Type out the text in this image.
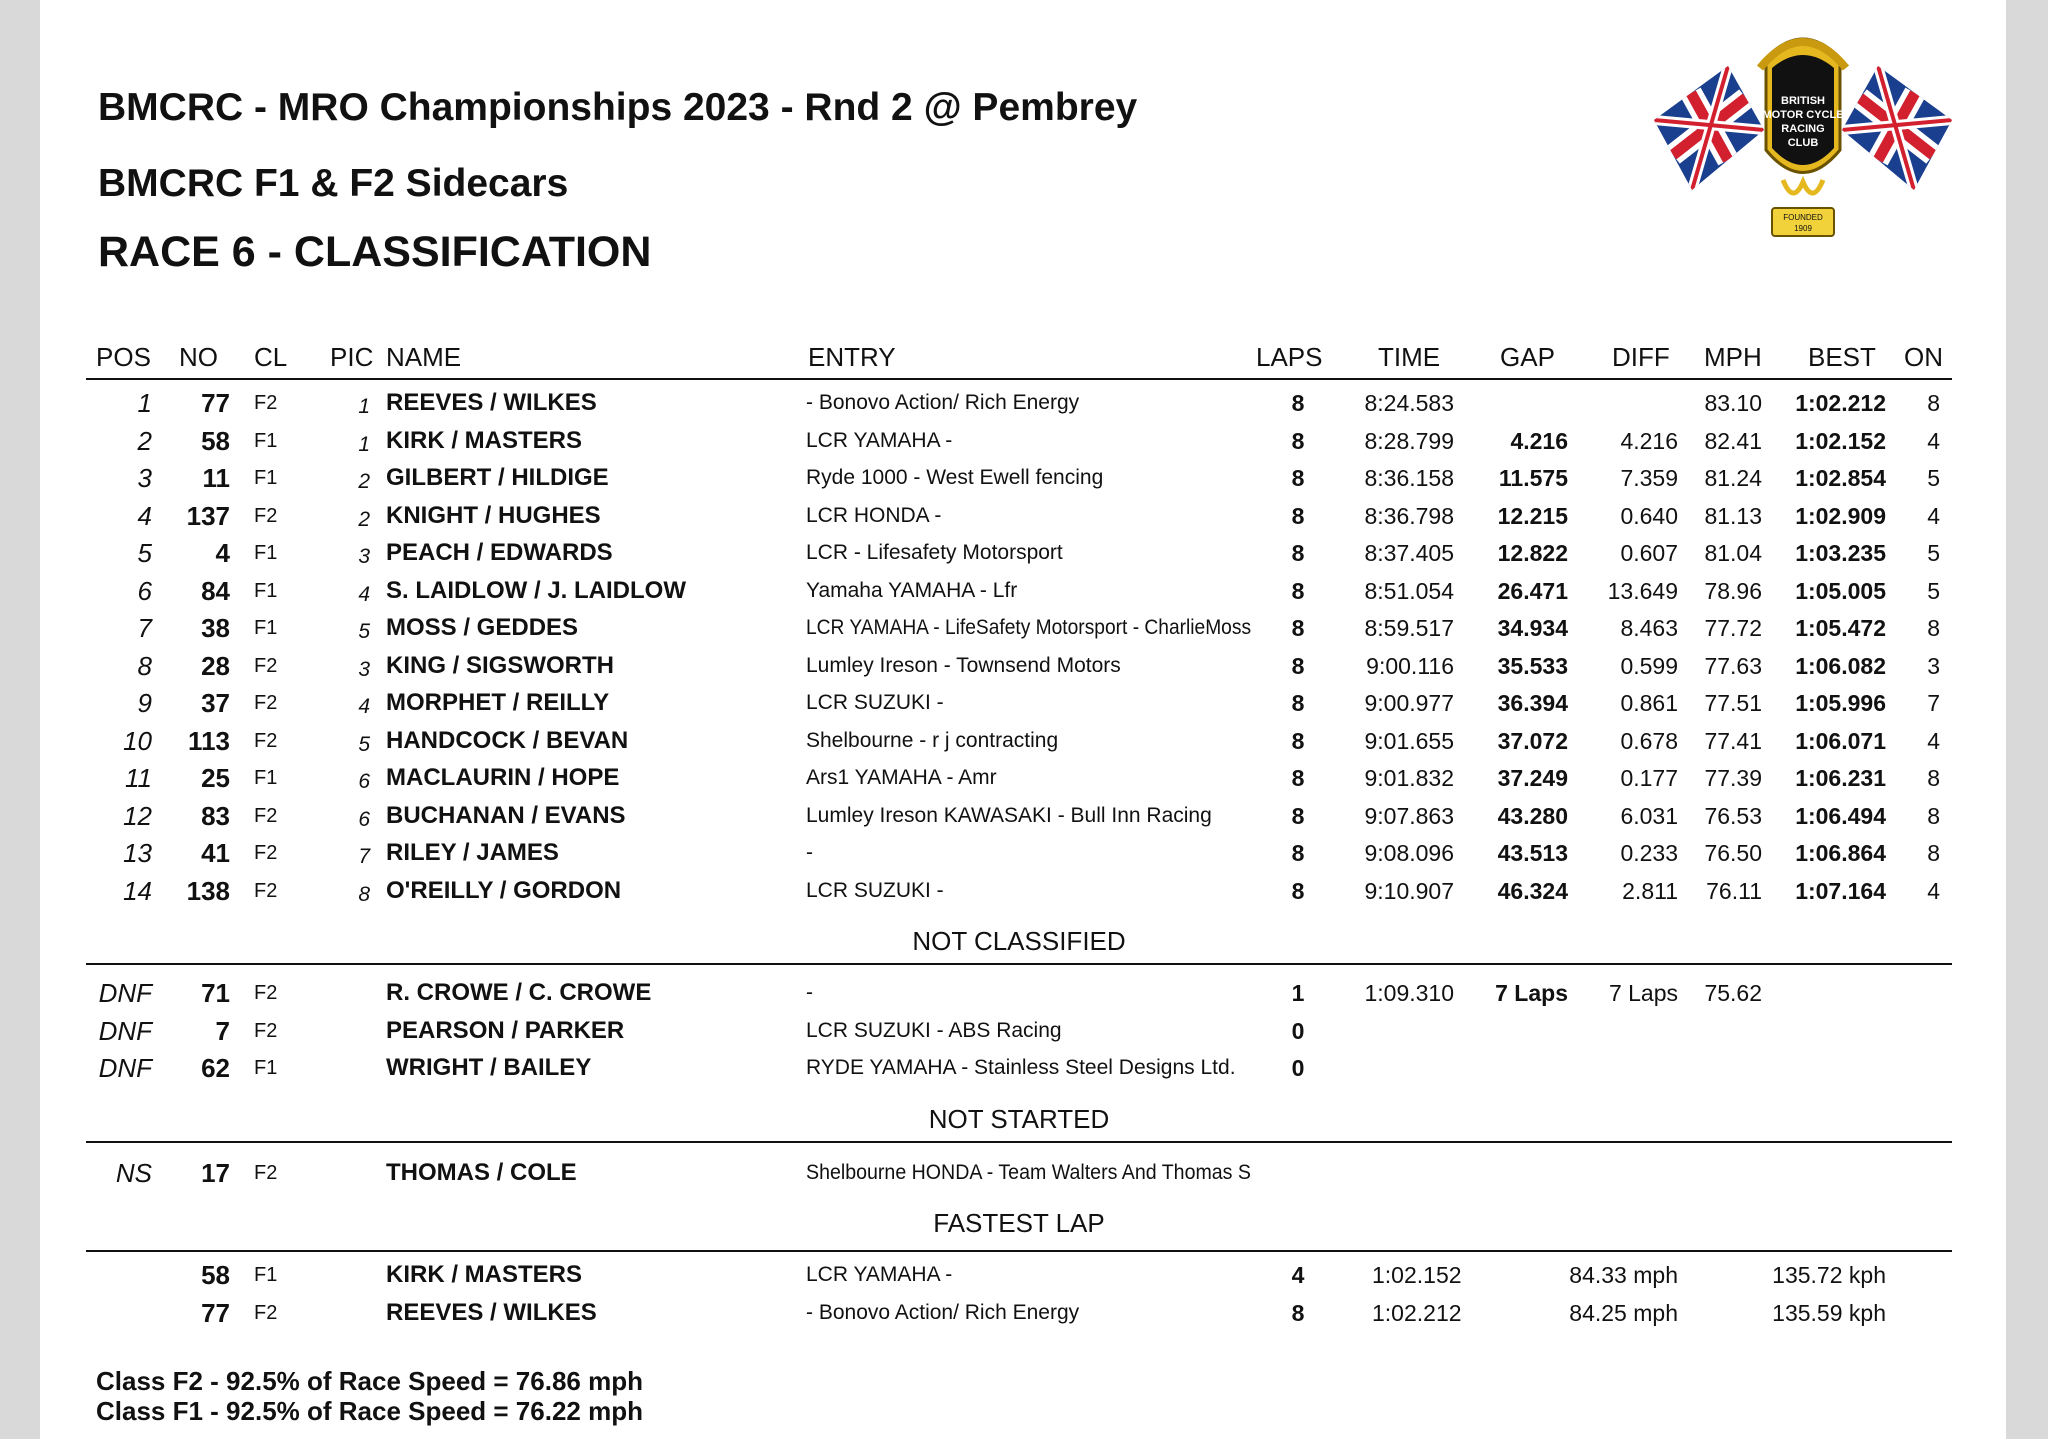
BMCRC - MRO Championships 2023 - Rnd 2 @ Pembrey
BMCRC F1 & F2 Sidecars
RACE 6 - CLASSIFICATION
BRITISH
MOTOR CYCLE
RACING
CLUB
FOUNDED
1909
POS NO CL PIC NAME	ENTRY	LAPS TIME GAP DIFF MPH BEST ON
1 77 F2	1 REEVES / WILKES	- Bonovo Action/ Rich Energy	8	8:24.583	83.10 1:02.212 8
2 58 F1	1 KIRK / MASTERS	LCR YAMAHA -	8	8:28.799 4.216 4.216 82.41 1:02.152 4
3 11 F1	2 GILBERT / HILDIGE	Ryde 1000 - West Ewell fencing	8	8:36.158 11.575 7.359 81.24 1:02.854 5
4 137 F2	2 KNIGHT / HUGHES	LCR HONDA -	8	8:36.798 12.215 0.640 81.13 1:02.909 4
5 4 F1	3 PEACH / EDWARDS	LCR - Lifesafety Motorsport	8	8:37.405 12.822 0.607 81.04 1:03.235 5
6 84 F1	4 S. LAIDLOW / J. LAIDLOW	Yamaha YAMAHA - Lfr	8	8:51.054 26.471 13.649 78.96 1:05.005 5
7 38 F1	5 MOSS / GEDDES	LCR YAMAHA - LifeSafety Motorsport - CharlieMoss	8	8:59.517 34.934 8.463 77.72 1:05.472 8
8 28 F2	3 KING / SIGSWORTH	Lumley Ireson - Townsend Motors	8	9:00.116 35.533 0.599 77.63 1:06.082 3
9 37 F2	4 MORPHET / REILLY	LCR SUZUKI -	8	9:00.977 36.394 0.861 77.51 1:05.996 7
10 113 F2	5 HANDCOCK / BEVAN	Shelbourne - r j contracting	8	9:01.655 37.072 0.678 77.41 1:06.071 4
11 25 F1	6 MACLAURIN / HOPE	Ars1 YAMAHA - Amr	8	9:01.832 37.249 0.177 77.39 1:06.231 8
12 83 F2	6 BUCHANAN / EVANS	Lumley Ireson KAWASAKI - Bull Inn Racing	8	9:07.863 43.280 6.031 76.53 1:06.494 8
13 41 F2	7 RILEY / JAMES	-	8	9:08.096 43.513 0.233 76.50 1:06.864 8
14 138 F2	8 O'REILLY / GORDON	LCR SUZUKI -	8	9:10.907 46.324 2.811 76.11 1:07.164 4
NOT CLASSIFIED
DNF 71 F2	R. CROWE / C. CROWE	-	1	1:09.310 7 Laps 7 Laps 75.62
DNF 7 F2	PEARSON / PARKER	LCR SUZUKI - ABS Racing	0
DNF 62 F1	WRIGHT / BAILEY	RYDE YAMAHA - Stainless Steel Designs Ltd.	0
NOT STARTED
NS 17 F2	THOMAS / COLE	Shelbourne HONDA - Team Walters And Thomas S
FASTEST LAP
58 F1	KIRK / MASTERS	LCR YAMAHA -	4	1:02.152	84.33 mph	135.72 kph
77 F2	REEVES / WILKES	- Bonovo Action/ Rich Energy	8	1:02.212	84.25 mph	135.59 kph
Class F2 - 92.5% of Race Speed = 76.86 mph
Class F1 - 92.5% of Race Speed = 76.22 mph
